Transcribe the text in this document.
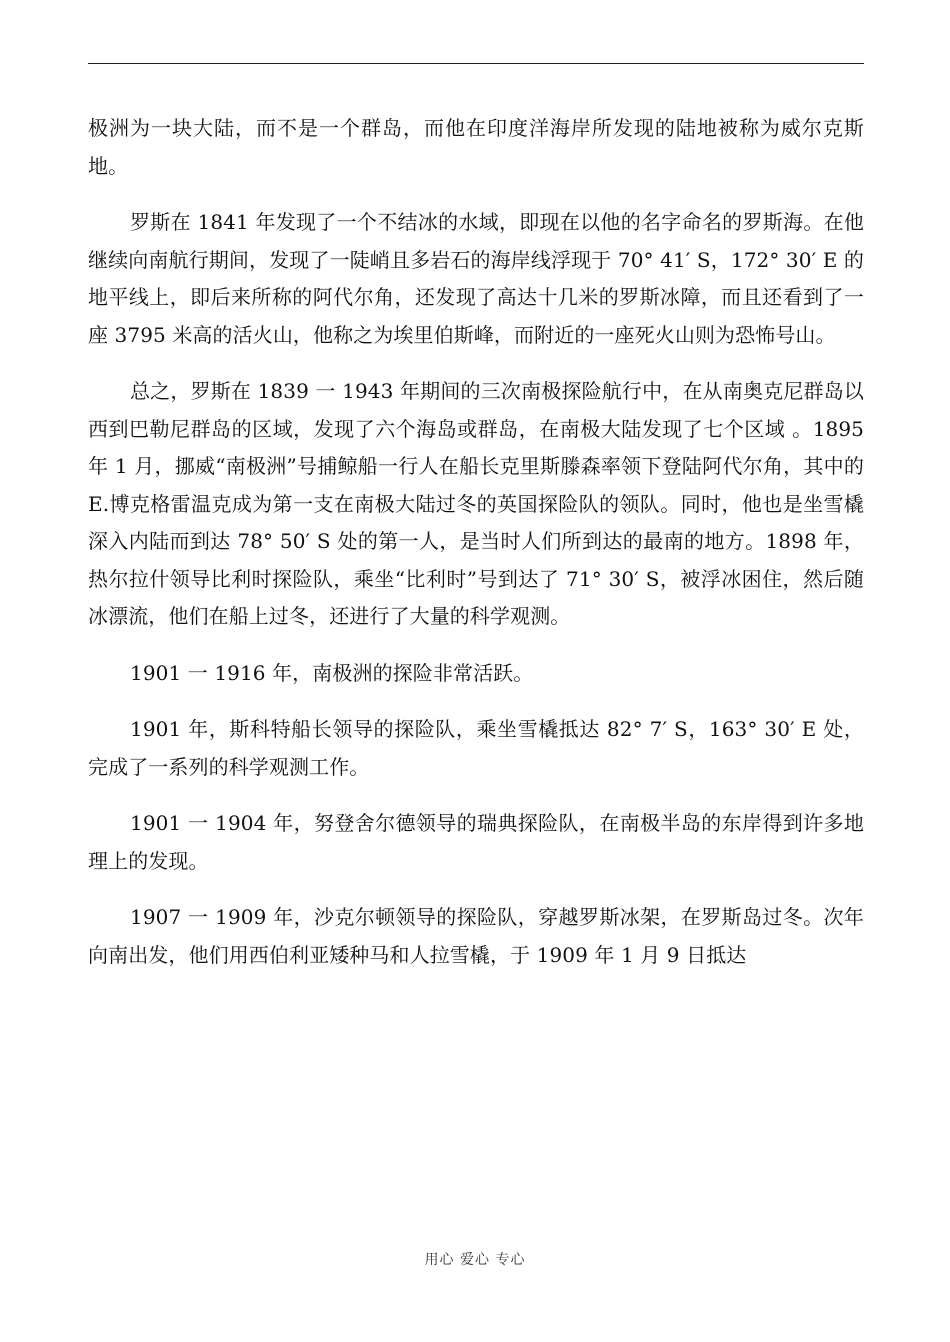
极洲为一块大陆，而不是一个群岛，而他在印度洋海岸所发现的陆地被称为威尔克斯地。

罗斯在 1841 年发现了一个不结冰的水域，即现在以他的名字命名的罗斯海。在他继续向南航行期间，发现了一陡峭且多岩石的海岸线浮现于 70° 41′ S，172° 30′ E 的地平线上，即后来所称的阿代尔角，还发现了高达十几米的罗斯冰障，而且还看到了一座 3795 米高的活火山，他称之为埃里伯斯峰，而附近的一座死火山则为恐怖号山。

总之，罗斯在 1839 一 1943 年期间的三次南极探险航行中，在从南奥克尼群岛以西到巴勒尼群岛的区域，发现了六个海岛或群岛，在南极大陆发现了七个区域 。1895 年 1 月，挪威“南极洲”号捕鲸船一行人在船长克里斯滕森率领下登陆阿代尔角，其中的 E.博克格雷温克成为第一支在南极大陆过冬的英国探险队的领队。同时，他也是坐雪橇深入内陆而到达 78° 50′ S 处的第一人，是当时人们所到达的最南的地方。1898 年，热尔拉什领导比利时探险队，乘坐“比利时”号到达了 71° 30′ S，被浮冰困住，然后随冰漂流，他们在船上过冬，还进行了大量的科学观测。

1901 一 1916 年，南极洲的探险非常活跃。

1901 年，斯科特船长领导的探险队，乘坐雪橇抵达 82° 7′ S，163° 30′ E 处，完成了一系列的科学观测工作。

1901 一 1904 年，努登舍尔德领导的瑞典探险队，在南极半岛的东岸得到许多地理上的发现。

1907 一 1909 年，沙克尔顿领导的探险队，穿越罗斯冰架，在罗斯岛过冬。次年向南出发，他们用西伯利亚矮种马和人拉雪橇，于 1909 年 1 月 9 日抵达

用心 爱心 专心
